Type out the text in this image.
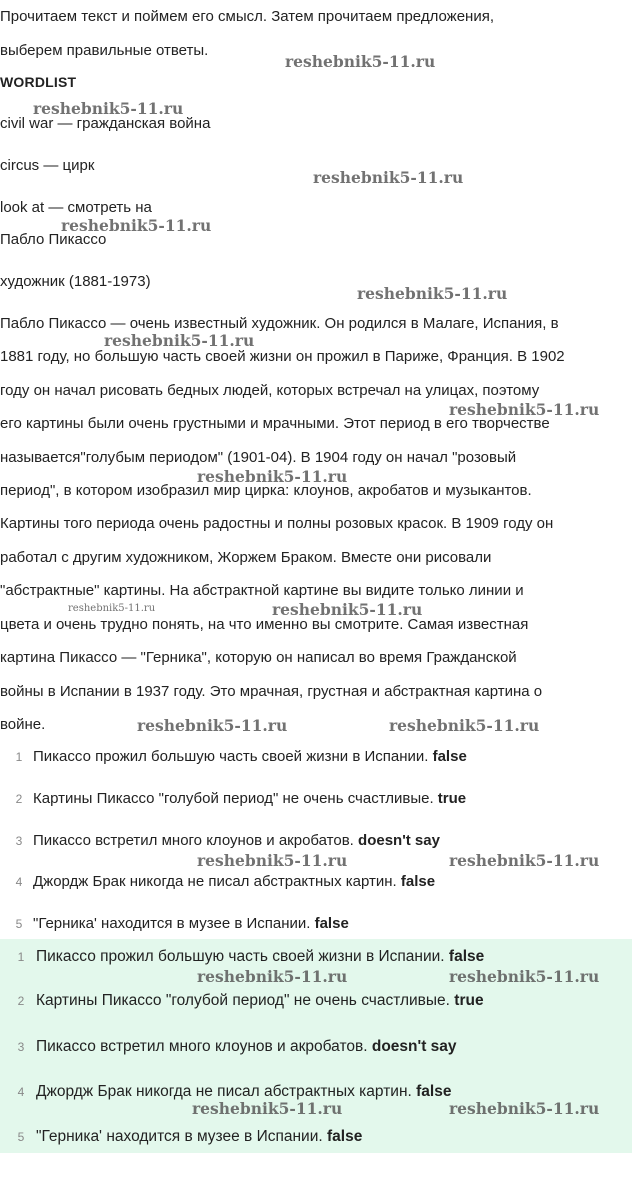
Прочитаем текст и поймем его смысл. Затем прочитаем предложения,
выберем правильные ответы.
WORDLIST
civil war — гражданская война
circus — цирк
look at — смотреть на
Пабло Пикассо
художник (1881-1973)
Пабло Пикассо — очень известный художник. Он родился в Малаге, Испания, в
1881 году, но большую часть своей жизни он прожил в Париже, Франция. В 1902
году он начал рисовать бедных людей, которых встречал на улицах, поэтому
его картины были очень грустными и мрачными. Этот период в его творчестве
называется"голубым периодом" (1901-04). В 1904 году он начал "розовый
период", в котором изобразил мир цирка: клоунов, акробатов и музыкантов.
Картины того периода очень радостны и полны розовых красок. В 1909 году он
работал с другим художником, Жоржем Браком. Вместе они рисовали
"абстрактные" картины. На абстрактной картине вы видите только линии и
цвета и очень трудно понять, на что именно вы смотрите. Самая известная
картина Пикассо — "Герника", которую он написал во время Гражданской
войны в Испании в 1937 году. Это мрачная, грустная и абстрактная картина о
войне.
1 Пикассо прожил большую часть своей жизни в Испании. false
2 Картины Пикассо "голубой период" не очень счастливые. true
3 Пикассо встретил много клоунов и акробатов. doesn't say
4 Джордж Брак никогда не писал абстрактных картин. false
5 "Герника' находится в музее в Испании. false
1 Пикассо прожил большую часть своей жизни в Испании. false
2 Картины Пикассо "голубой период" не очень счастливые. true
3 Пикассо встретил много клоунов и акробатов. doesn't say
4 Джордж Брак никогда не писал абстрактных картин. false
5 "Герника' находится в музее в Испании. false
reshebnik5-11.ru
reshebnik5-11.ru
reshebnik5-11.ru
reshebnik5-11.ru
reshebnik5-11.ru
reshebnik5-11.ru
reshebnik5-11.ru
reshebnik5-11.ru
reshebnik5-11.ru	reshebnik5-11.ru
reshebnik5-11.ru	reshebnik5-11.ru
reshebnik5-11.ru	reshebnik5-11.ru
reshebnik5-11.ru	reshebnik5-11.ru
reshebnik5-11.ru	reshebnik5-11.ru
